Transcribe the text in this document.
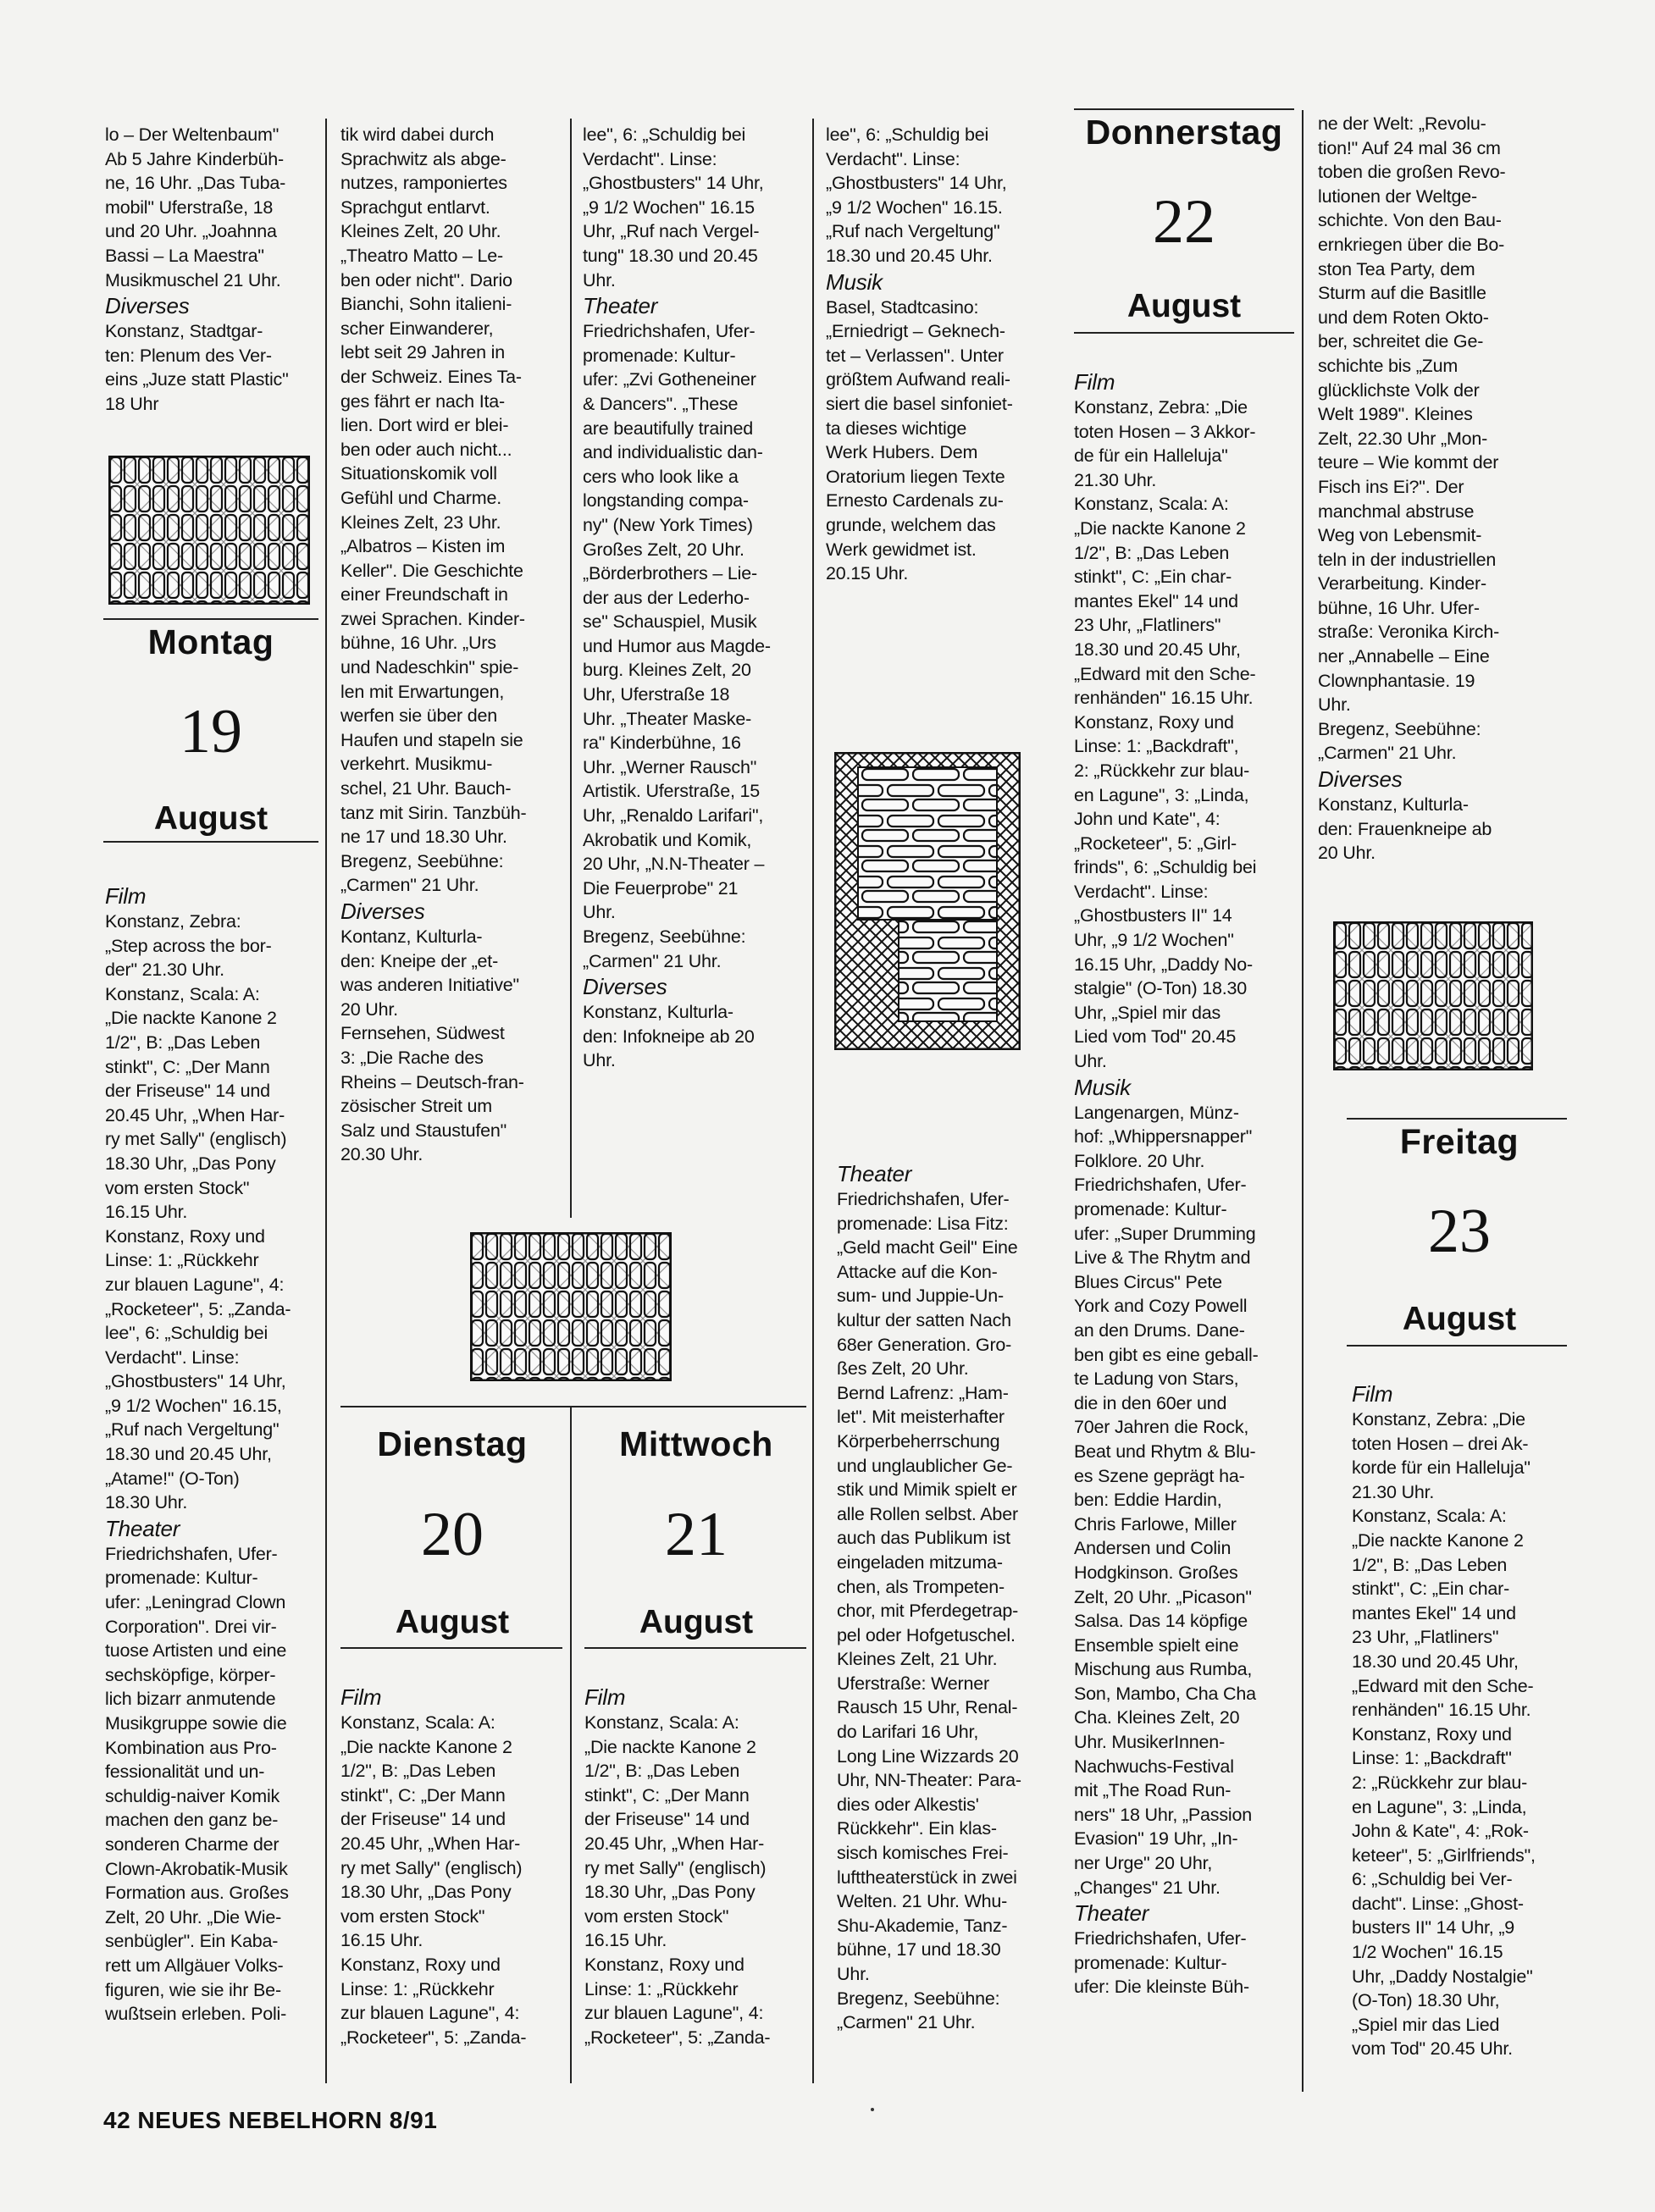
lo – Der Weltenbaum"
Ab 5 Jahre Kinderbüh-
ne, 16 Uhr. „Das Tuba-
mobil" Uferstraße, 18
und 20 Uhr. „Joahnna
Bassi – La Maestra"
Musikmuschel 21 Uhr.

Diverses

Konstanz, Stadtgar-
ten: Plenum des Ver-
eins „Juze statt Plastic"
18 Uhr

Montag
19
August

Film

Konstanz, Zebra:
„Step across the bor-
der" 21.30 Uhr.
Konstanz, Scala: A:
„Die nackte Kanone 2
1/2", B: „Das Leben
stinkt", C: „Der Mann
der Friseuse" 14 und
20.45 Uhr, „When Har-
ry met Sally" (englisch)
18.30 Uhr, „Das Pony
vom ersten Stock"
16.15 Uhr.
Konstanz, Roxy und
Linse: 1: „Rückkehr
zur blauen Lagune", 4:
„Rocketeer", 5: „Zanda-
lee", 6: „Schuldig bei
Verdacht". Linse:
„Ghostbusters" 14 Uhr,
„9 1/2 Wochen" 16.15,
„Ruf nach Vergeltung"
18.30 und 20.45 Uhr,
„Atame!" (O-Ton)
18.30 Uhr.

Theater

Friedrichshafen, Ufer-
promenade: Kultur-
ufer: „Leningrad Clown
Corporation". Drei vir-
tuose Artisten und eine
sechsköpfige, körper-
lich bizarr anmutende
Musikgruppe sowie die
Kombination aus Pro-
fessionalität und un-
schuldig-naiver Komik
machen den ganz be-
sonderen Charme der
Clown-Akrobatik-Musik
Formation aus. Großes
Zelt, 20 Uhr. „Die Wie-
senbügler". Ein Kaba-
rett um Allgäuer Volks-
figuren, wie sie ihr Be-
wußtsein erleben. Poli-

tik wird dabei durch
Sprachwitz als abge-
nutzes, ramponiertes
Sprachgut entlarvt.
Kleines Zelt, 20 Uhr.
„Theatro Matto – Le-
ben oder nicht". Dario
Bianchi, Sohn italieni-
scher Einwanderer,
lebt seit 29 Jahren in
der Schweiz. Eines Ta-
ges fährt er nach Ita-
lien. Dort wird er blei-
ben oder auch nicht...
Situationskomik voll
Gefühl und Charme.
Kleines Zelt, 23 Uhr.
„Albatros – Kisten im
Keller". Die Geschichte
einer Freundschaft in
zwei Sprachen. Kinder-
bühne, 16 Uhr. „Urs
und Nadeschkin" spie-
len mit Erwartungen,
werfen sie über den
Haufen und stapeln sie
verkehrt. Musikmu-
schel, 21 Uhr. Bauch-
tanz mit Sirin. Tanzbüh-
ne 17 und 18.30 Uhr.
Bregenz, Seebühne:
„Carmen" 21 Uhr.

Diverses

Kontanz, Kulturla-
den: Kneipe der „et-
was anderen Initiative"
20 Uhr.
Fernsehen, Südwest
3: „Die Rache des
Rheins – Deutsch-fran-
zösischer Streit um
Salz und Staustufen"
20.30 Uhr.

Dienstag
20
August
Mittwoch
21
August

Film

Konstanz, Scala: A:
„Die nackte Kanone 2
1/2", B: „Das Leben
stinkt", C: „Der Mann
der Friseuse" 14 und
20.45 Uhr, „When Har-
ry met Sally" (englisch)
18.30 Uhr, „Das Pony
vom ersten Stock"
16.15 Uhr.
Konstanz, Roxy und
Linse: 1: „Rückkehr
zur blauen Lagune", 4:
„Rocketeer", 5: „Zanda-

lee", 6: „Schuldig bei
Verdacht". Linse:
„Ghostbusters" 14 Uhr,
„9 1/2 Wochen" 16.15
Uhr, „Ruf nach Vergel-
tung" 18.30 und 20.45
Uhr.

Theater

Friedrichshafen, Ufer-
promenade: Kultur-
ufer: „Zvi Gotheneiner
& Dancers". „These
are beautifully trained
and individualistic dan-
cers who look like a
longstanding compa-
ny" (New York Times)
Großes Zelt, 20 Uhr.
„Börderbrothers – Lie-
der aus der Lederho-
se" Schauspiel, Musik
und Humor aus Magde-
burg. Kleines Zelt, 20
Uhr, Uferstraße 18
Uhr. „Theater Maske-
ra" Kinderbühne, 16
Uhr. „Werner Rausch"
Artistik. Uferstraße, 15
Uhr, „Renaldo Larifari",
Akrobatik und Komik,
20 Uhr, „N.N-Theater –
Die Feuerprobe" 21
Uhr.
Bregenz, Seebühne:
„Carmen" 21 Uhr.

Diverses

Konstanz, Kulturla-
den: Infokneipe ab 20
Uhr.

Film

Konstanz, Scala: A:
„Die nackte Kanone 2
1/2", B: „Das Leben
stinkt", C: „Der Mann
der Friseuse" 14 und
20.45 Uhr, „When Har-
ry met Sally" (englisch)
18.30 Uhr, „Das Pony
vom ersten Stock"
16.15 Uhr.
Konstanz, Roxy und
Linse: 1: „Rückkehr
zur blauen Lagune", 4:
„Rocketeer", 5: „Zanda-

lee", 6: „Schuldig bei
Verdacht". Linse:
„Ghostbusters" 14 Uhr,
„9 1/2 Wochen" 16.15.
„Ruf nach Vergeltung"
18.30 und 20.45 Uhr.

Musik

Basel, Stadtcasino:
„Erniedrigt – Geknech-
tet – Verlassen". Unter
größtem Aufwand reali-
siert die basel sinfoniet-
ta dieses wichtige
Werk Hubers. Dem
Oratorium liegen Texte
Ernesto Cardenals zu-
grunde, welchem das
Werk gewidmet ist.
20.15 Uhr.

Theater

Friedrichshafen, Ufer-
promenade: Lisa Fitz:
„Geld macht Geil" Eine
Attacke auf die Kon-
sum- und Juppie-Un-
kultur der satten Nach
68er Generation. Gro-
ßes Zelt, 20 Uhr.
Bernd Lafrenz: „Ham-
let". Mit meisterhafter
Körperbeherrschung
und unglaublicher Ge-
stik und Mimik spielt er
alle Rollen selbst. Aber
auch das Publikum ist
eingeladen mitzuma-
chen, als Trompeten-
chor, mit Pferdegetrap-
pel oder Hofgetuschel.
Kleines Zelt, 21 Uhr.
Uferstraße: Werner
Rausch 15 Uhr, Renal-
do Larifari 16 Uhr,
Long Line Wizzards 20
Uhr, NN-Theater: Para-
dies oder Alkestis'
Rückkehr". Ein klas-
sisch komisches Frei-
lufttheaterstück in zwei
Welten. 21 Uhr. Whu-
Shu-Akademie, Tanz-
bühne, 17 und 18.30
Uhr.
Bregenz, Seebühne:
„Carmen" 21 Uhr.

Donnerstag
22
August

Film

Konstanz, Zebra: „Die
toten Hosen – 3 Akkor-
de für ein Halleluja"
21.30 Uhr.
Konstanz, Scala: A:
„Die nackte Kanone 2
1/2", B: „Das Leben
stinkt", C: „Ein char-
mantes Ekel" 14 und
23 Uhr, „Flatliners"
18.30 und 20.45 Uhr,
„Edward mit den Sche-
renhänden" 16.15 Uhr.
Konstanz, Roxy und
Linse: 1: „Backdraft",
2: „Rückkehr zur blau-
en Lagune", 3: „Linda,
John und Kate", 4:
„Rocketeer", 5: „Girl-
frinds", 6: „Schuldig bei
Verdacht". Linse:
„Ghostbusters II" 14
Uhr, „9 1/2 Wochen"
16.15 Uhr, „Daddy No-
stalgie" (O-Ton) 18.30
Uhr, „Spiel mir das
Lied vom Tod" 20.45
Uhr.

Musik

Langenargen, Münz-
hof: „Whippersnapper"
Folklore. 20 Uhr.
Friedrichshafen, Ufer-
promenade: Kultur-
ufer: „Super Drumming
Live & The Rhytm and
Blues Circus" Pete
York and Cozy Powell
an den Drums. Dane-
ben gibt es eine geball-
te Ladung von Stars,
die in den 60er und
70er Jahren die Rock,
Beat und Rhytm & Blu-
es Szene geprägt ha-
ben: Eddie Hardin,
Chris Farlowe, Miller
Andersen und Colin
Hodgkinson. Großes
Zelt, 20 Uhr. „Picason"
Salsa. Das 14 köpfige
Ensemble spielt eine
Mischung aus Rumba,
Son, Mambo, Cha Cha
Cha. Kleines Zelt, 20
Uhr. MusikerInnen-
Nachwuchs-Festival
mit „The Road Run-
ners" 18 Uhr, „Passion
Evasion" 19 Uhr, „In-
ner Urge" 20 Uhr,
„Changes" 21 Uhr.

Theater

Friedrichshafen, Ufer-
promenade: Kultur-
ufer: Die kleinste Büh-

ne der Welt: „Revolu-
tion!" Auf 24 mal 36 cm
toben die großen Revo-
lutionen der Weltge-
schichte. Von den Bau-
ernkriegen über die Bo-
ston Tea Party, dem
Sturm auf die Basitlle
und dem Roten Okto-
ber, schreitet die Ge-
schichte bis „Zum
glücklichste Volk der
Welt 1989". Kleines
Zelt, 22.30 Uhr „Mon-
teure – Wie kommt der
Fisch ins Ei?". Der
manchmal abstruse
Weg von Lebensmit-
teln in der industriellen
Verarbeitung. Kinder-
bühne, 16 Uhr. Ufer-
straße: Veronika Kirch-
ner „Annabelle – Eine
Clownphantasie. 19
Uhr.
Bregenz, Seebühne:
„Carmen" 21 Uhr.

Diverses

Konstanz, Kulturla-
den: Frauenkneipe ab
20 Uhr.

Freitag
23
August

Film

Konstanz, Zebra: „Die
toten Hosen – drei Ak-
korde für ein Halleluja"
21.30 Uhr.
Konstanz, Scala: A:
„Die nackte Kanone 2
1/2", B: „Das Leben
stinkt", C: „Ein char-
mantes Ekel" 14 und
23 Uhr, „Flatliners"
18.30 und 20.45 Uhr,
„Edward mit den Sche-
renhänden" 16.15 Uhr.
Konstanz, Roxy und
Linse: 1: „Backdraft"
2: „Rückkehr zur blau-
en Lagune", 3: „Linda,
John & Kate", 4: „Rok-
keteer", 5: „Girlfriends",
6: „Schuldig bei Ver-
dacht". Linse: „Ghost-
busters II" 14 Uhr, „9
1/2 Wochen" 16.15
Uhr, „Daddy Nostalgie"
(O-Ton) 18.30 Uhr,
„Spiel mir das Lied
vom Tod" 20.45 Uhr.

42 NEUES NEBELHORN 8/91
